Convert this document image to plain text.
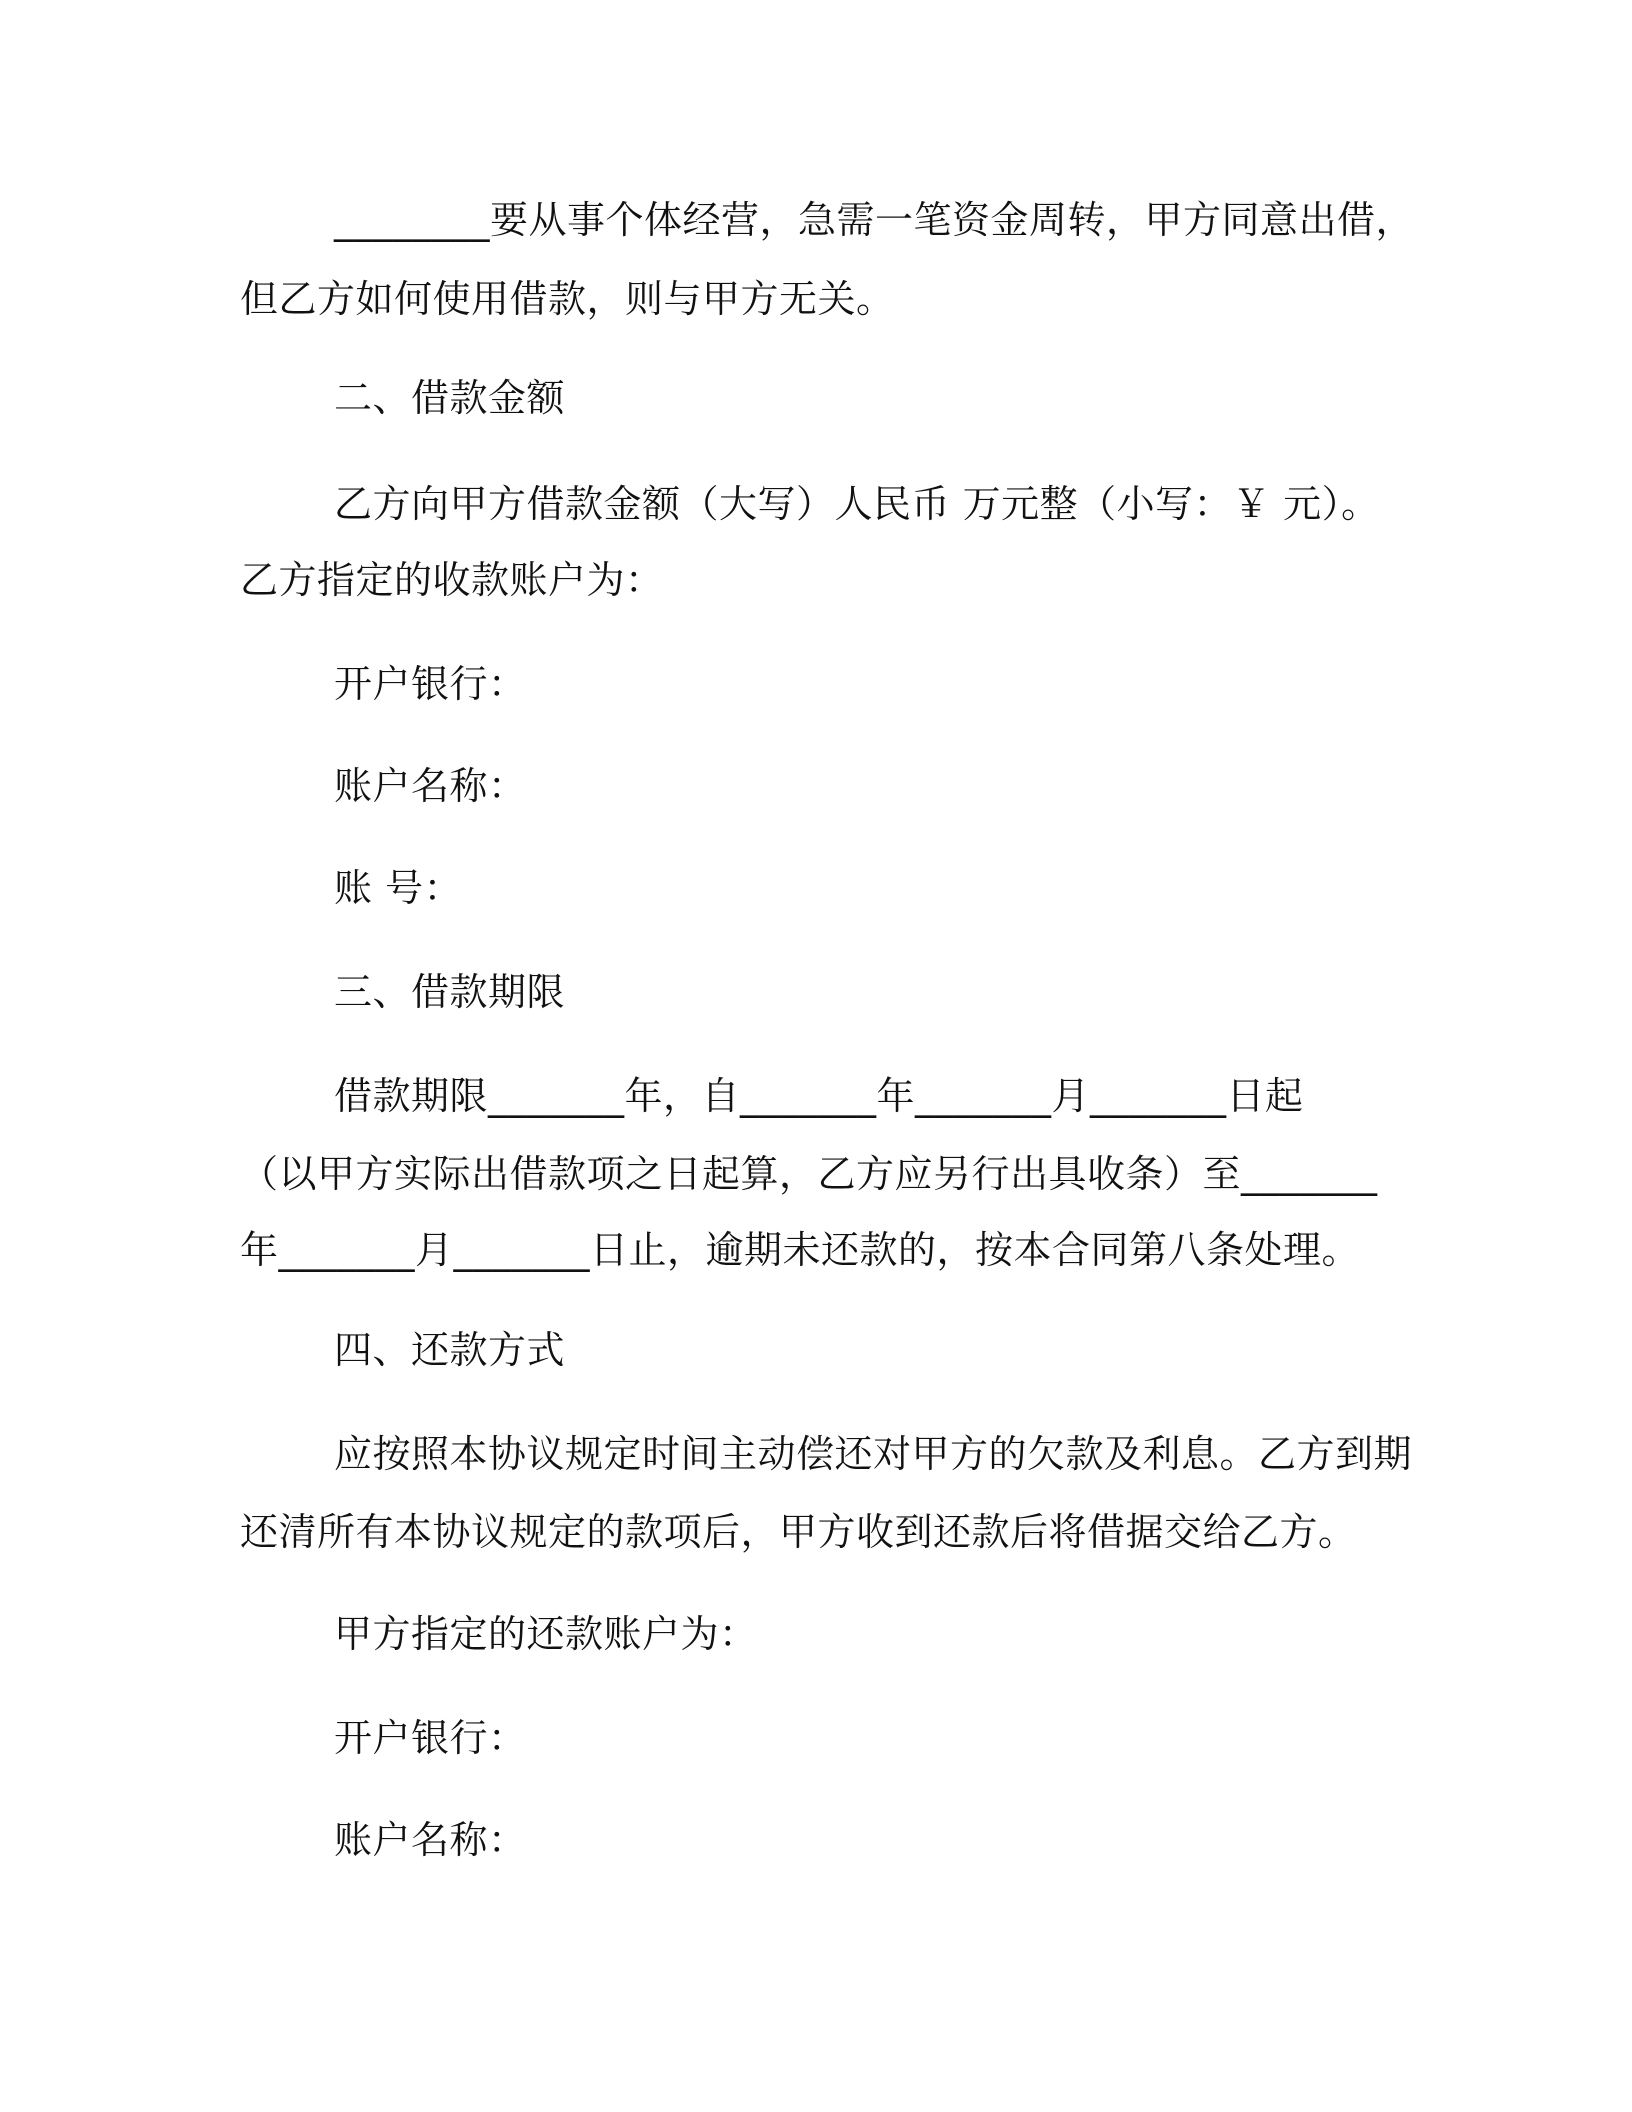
________要从事个体经营，急需一笔资金周转，甲方同意出借，
但乙方如何使用借款，则与甲方无关。
二、借款金额
乙方向甲方借款金额（大写）人民币 万元整（小写：￥ 元）。
乙方指定的收款账户为：
开户银行：
账户名称：
账 号：
三、借款期限
借款期限_______年，自_______年_______月_______日起
（以甲方实际出借款项之日起算，乙方应另行出具收条）至_______
年_______月_______日止，逾期未还款的，按本合同第八条处理。
四、还款方式
应按照本协议规定时间主动偿还对甲方的欠款及利息。乙方到期
还清所有本协议规定的款项后，甲方收到还款后将借据交给乙方。
甲方指定的还款账户为：
开户银行：
账户名称：
